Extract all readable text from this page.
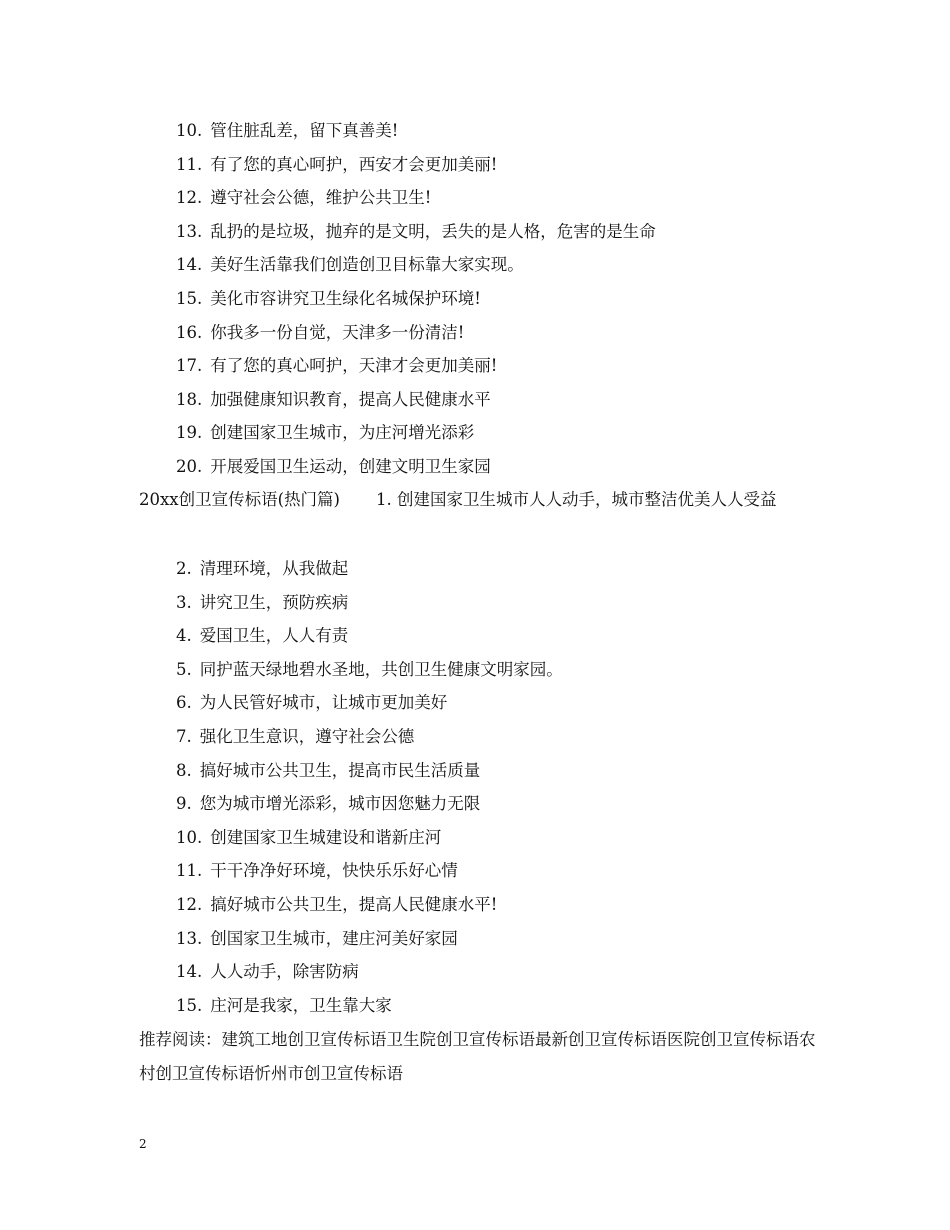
10. 管住脏乱差，留下真善美!
11. 有了您的真心呵护，西安才会更加美丽!
12. 遵守社会公德，维护公共卫生!
13. 乱扔的是垃圾，抛弃的是文明，丢失的是人格，危害的是生命
14. 美好生活靠我们创造创卫目标靠大家实现。
15. 美化市容讲究卫生绿化名城保护环境!
16. 你我多一份自觉，天津多一份清洁!
17. 有了您的真心呵护，天津才会更加美丽!
18. 加强健康知识教育，提高人民健康水平
19. 创建国家卫生城市，为庄河增光添彩
20. 开展爱国卫生运动，创建文明卫生家园
20xx创卫宣传标语(热门篇) 1. 创建国家卫生城市人人动手，城市整洁优美人人受益
2. 清理环境，从我做起
3. 讲究卫生，预防疾病
4. 爱国卫生，人人有责
5. 同护蓝天绿地碧水圣地，共创卫生健康文明家园。
6. 为人民管好城市，让城市更加美好
7. 强化卫生意识，遵守社会公德
8. 搞好城市公共卫生，提高市民生活质量
9. 您为城市增光添彩，城市因您魅力无限
10. 创建国家卫生城建设和谐新庄河
11. 干干净净好环境，快快乐乐好心情
12. 搞好城市公共卫生，提高人民健康水平!
13. 创国家卫生城市，建庄河美好家园
14. 人人动手，除害防病
15. 庄河是我家，卫生靠大家
推荐阅读：建筑工地创卫宣传标语卫生院创卫宣传标语最新创卫宣传标语医院创卫宣传标语农村创卫宣传标语忻州市创卫宣传标语
2
